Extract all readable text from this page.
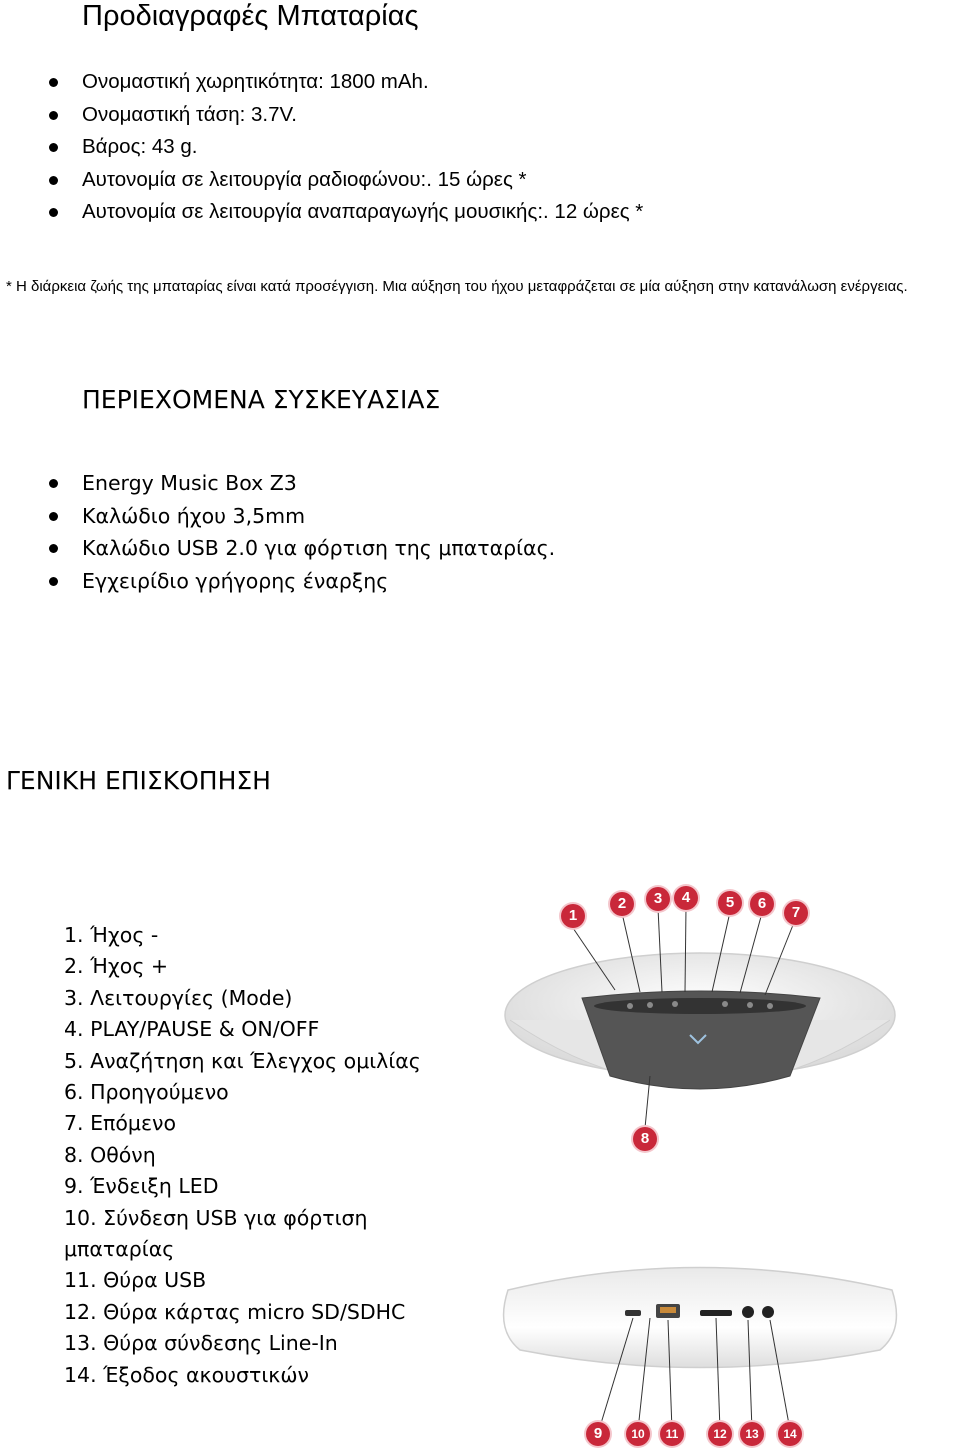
Προδιαγραφές Μπαταρίας
Ονομαστική χωρητικότητα: 1800 mAh.
Ονομαστική τάση: 3.7V.
Βάρος: 43 g.
Αυτονομία σε λειτουργία ραδιοφώνου:. 15 ώρες *
Αυτονομία σε λειτουργία αναπαραγωγής μουσικής:. 12 ώρες *

* Η διάρκεια ζωής της μπαταρίας είναι κατά προσέγγιση. Μια αύξηση του ήχου μεταφράζεται σε μία αύξηση στην κατανάλωση ενέργειας.

ΠΕΡΙΕΧΟΜΕΝΑ ΣΥΣΚΕΥΑΣΙΑΣ
Energy Music Box Z3
Καλώδιο ήχου 3,5mm
Καλώδιο USB 2.0 για φόρτιση της μπαταρίας.
Εγχειρίδιο γρήγορης έναρξης
ΓΕΝΙΚΗ ΕΠΙΣΚΟΠΗΣΗ
1. Ήχος -
2. Ήχος +
3. Λειτουργίες (Mode)
4. PLAY/PAUSE & ON/OFF
5. Αναζήτηση και Έλεγχος ομιλίας
6. Προηγούμενο
7. Επόμενο
8. Οθόνη
9. Ένδειξη LED
10. Σύνδεση USB για φόρτιση μπαταρίας
11. Θύρα USB
12. Θύρα κάρτας micro SD/SDHC
13. Θύρα σύνδεσης Line-In
14. Έξοδος ακουστικών
1
2	3	4	5	6
7
8
9	10	11	12	13	14
